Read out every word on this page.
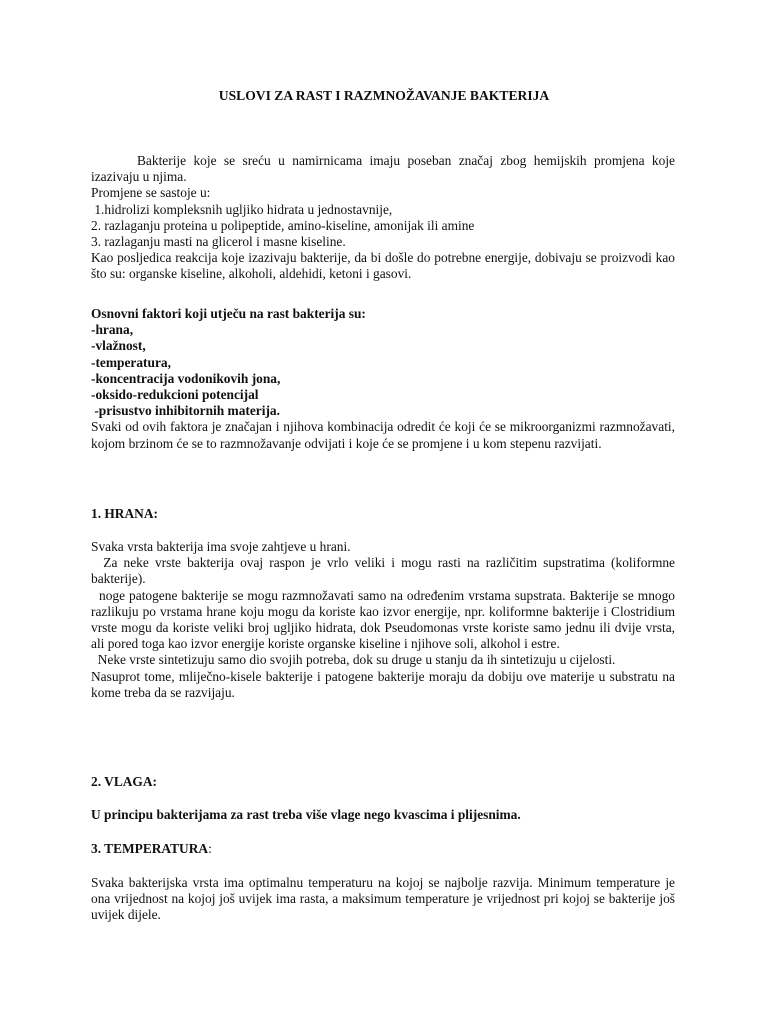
USLOVI ZA RAST I RAZMNOŽAVANJE BAKTERIJA

Bakterije koje se sreću u namirnicama imaju poseban značaj zbog hemijskih promjena koje izazivaju u njima.

Promjene se sastoje u:

1.hidrolizi kompleksnih ugljiko hidrata u jednostavnije,

2. razlaganju proteina u polipeptide, amino-kiseline, amonijak ili amine

3. razlaganju masti na glicerol i masne kiseline.

Kao posljedica reakcija koje izazivaju bakterije, da bi došle do potrebne energije, dobivaju se proizvodi kao što su: organske kiseline, alkoholi, aldehidi, ketoni i gasovi.

Osnovni faktori koji utječu na rast bakterija su:

-hrana,

-vlažnost,

-temperatura,

-koncentracija vodonikovih jona,

-oksido-redukcioni potencijal

-prisustvo inhibitornih materija.

Svaki od ovih faktora je značajan i njihova kombinacija odredit će koji će se mikroorganizmi razmnožavati, kojom brzinom će se to razmnožavanje odvijati i koje će se promjene i u kom stepenu razvijati.

1. HRANA:

Svaka vrsta bakterija ima svoje zahtjeve u hrani.

Za neke vrste bakterija ovaj raspon je vrlo veliki i mogu rasti na različitim supstratima (koliformne bakterije).

noge patogene bakterije se mogu razmnožavati samo na određenim vrstama supstrata. Bakterije se mnogo razlikuju po vrstama hrane koju mogu da koriste kao izvor energije, npr. koliformne bakterije i Clostridium vrste mogu da koriste veliki broj ugljiko hidrata, dok Pseudomonas vrste koriste samo jednu ili dvije vrsta, ali pored toga kao izvor energije koriste organske kiseline i njihove soli, alkohol i estre.

Neke vrste sintetizuju samo dio svojih potreba, dok su druge u stanju da ih sintetizuju u cijelosti.

Nasuprot tome, mliječno-kisele bakterije i patogene bakterije moraju da dobiju ove materije u substratu na kome treba da se razvijaju.

2. VLAGA:

U principu bakterijama za rast treba više vlage nego kvascima i plijesnima.

3. TEMPERATURA:

Svaka bakterijska vrsta ima optimalnu temperaturu na kojoj se najbolje razvija. Minimum temperature je ona vrijednost na kojoj još uvijek ima rasta, a maksimum temperature je vrijednost pri kojoj se bakterije još uvijek dijele.
